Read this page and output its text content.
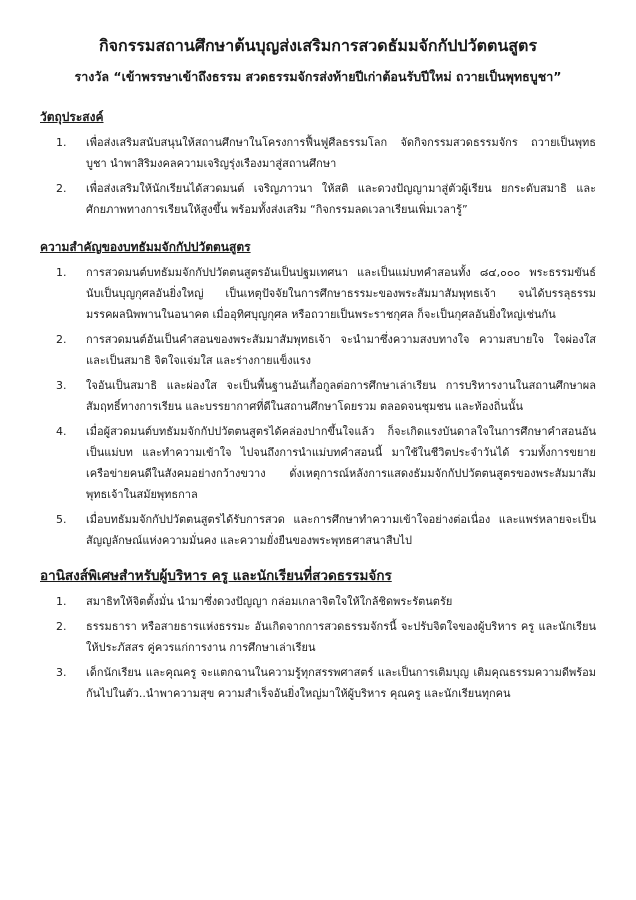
กิจกรรมสถานศึกษาต้นบุญส่งเสริมการสวดธัมมจักกัปปวัตตนสูตร
รางวัล “เข้าพรรษาเข้าถึงธรรม สวดธรรมจักรส่งท้ายปีเก่าต้อนรับปีใหม่ ถวายเป็นพุทธบูชา”
วัตถุประสงค์
1.	เพื่อส่งเสริมสนับสนุนให้สถานศึกษาในโครงการฟื้นฟูศีลธรรมโลก จัดกิจกรรมสวดธรรมจักร ถวายเป็นพุทธบูชา นำพาสิริมงคลความเจริญรุ่งเรืองมาสู่สถานศึกษา
2.	เพื่อส่งเสริมให้นักเรียนได้สวดมนต์ เจริญภาวนา ให้สติ และดวงปัญญามาสู่ตัวผู้เรียน ยกระดับสมาธิ และศักยภาพทางการเรียนให้สูงขึ้น พร้อมทั้งส่งเสริม “กิจกรรมลดเวลาเรียนเพิ่มเวลารู้”
ความสำคัญของบทธัมมจักกัปปวัตตนสูตร
1.	การสวดมนต์บทธัมมจักกัปปวัตตนสูตรอันเป็นปฐมเทศนา และเป็นแม่บทคำสอนทั้ง ๘๔,๐๐๐ พระธรรมขันธ์ นับเป็นบุญกุศลอันยิ่งใหญ่ เป็นเหตุปัจจัยในการศึกษาธรรมะของพระสัมมาสัมพุทธเจ้า จนได้บรรลุธรรมมรรคผลนิพพานในอนาคต เมื่ออุทิศบุญกุศล หรือถวายเป็นพระราชกุศล ก็จะเป็นกุศลอันยิ่งใหญ่เช่นกัน
2.	การสวดมนต์อันเป็นคำสอนของพระสัมมาสัมพุทธเจ้า จะนำมาซึ่งความสงบทางใจ ความสบายใจ ใจผ่องใสและเป็นสมาธิ จิตใจแจ่มใส และร่างกายแข็งแรง
3.	ใจอันเป็นสมาธิ และผ่องใส จะเป็นพื้นฐานอันเกื้อกูลต่อการศึกษาเล่าเรียน การบริหารงานในสถานศึกษาผลสัมฤทธิ์ทางการเรียน และบรรยากาศที่ดีในสถานศึกษาโดยรวม ตลอดจนชุมชน และท้องถิ่นนั้น
4.	เมื่อผู้สวดมนต์บทธัมมจักกัปปวัตตนสูตรได้คล่องปากขึ้นใจแล้ว ก็จะเกิดแรงบันดาลใจในการศึกษาคำสอนอันเป็นแม่บท และทำความเข้าใจ ไปจนถึงการนำแม่บทคำสอนนี้ มาใช้ในชีวิตประจำวันได้ รวมทั้งการขยายเครือข่ายคนดีในสังคมอย่างกว้างขวาง ดั่งเหตุการณ์หลังการแสดงธัมมจักกัปปวัตตนสูตรของพระสัมมาสัมพุทธเจ้าในสมัยพุทธกาล
5.	เมื่อบทธัมมจักกัปปวัตตนสูตรได้รับการสวด และการศึกษาทำความเข้าใจอย่างต่อเนื่อง และแพร่หลายจะเป็นสัญญลักษณ์แห่งความมั่นคง และความยั่งยืนของพระพุทธศาสนาสืบไป
อานิสงส์พิเศษสำหรับผู้บริหาร ครู และนักเรียนที่สวดธรรมจักร
1.	สมาธิทให้จิตตั้งมั่น นำมาซึ่งดวงปัญญา กล่อมเกลาจิตใจให้ใกล้ชิดพระรัตนตรัย
2.	ธรรมธารา หรือสายธารแห่งธรรมะ อันเกิดจากการสวดธรรมจักรนี้ จะปรับจิตใจของผู้บริหาร ครู และนักเรียน ให้ประภัสสร คู่ควรแก่การงาน การศึกษาเล่าเรียน
3.	เด็กนักเรียน และคุณครู จะแตกฉานในความรู้ทุกสรรพศาสตร์ และเป็นการเติมบุญ เติมคุณธรรมความดีพร้อมกันไปในตัว..นำพาความสุข ความสำเร็จอันยิ่งใหญ่มาให้ผู้บริหาร คุณครู และนักเรียนทุกคน
